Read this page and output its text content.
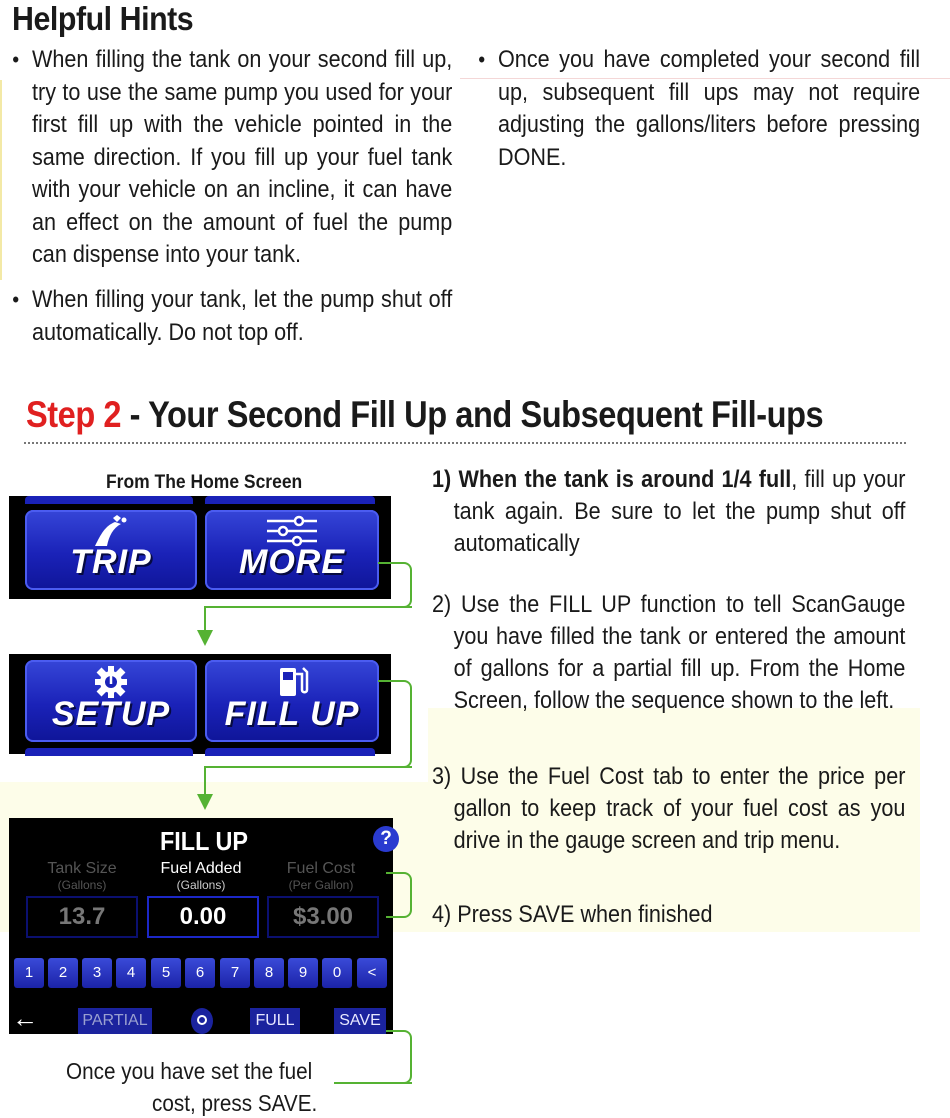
Helpful Hints
• When filling the tank on your second fill up, try to use the same pump you used for your first fill up with the vehicle pointed in the same direction. If you fill up your fuel tank with your vehicle on an incline, it can have an effect on the amount of fuel the pump can dispense into your tank.
• When filling your tank, let the pump shut off automatically. Do not top off.
• Once you have completed your second fill up, subsequent fill ups may not require adjusting the gallons/liters before pressing DONE.
Step 2 - Your Second Fill Up and Subsequent Fill-ups
From The Home Screen
TRIP	MORE
SETUP	FILL UP
FILL UP	?
Tank Size
(Gallons)
Fuel Added
(Gallons)
Fuel Cost
(Per Gallon)
13.7	0.00	$3.00
1	2	3	4	5	6	7	8	9	0	<
←	PARTIAL	FULL	SAVE
Once you have set the fuel
cost, press SAVE.
1) When the tank is around 1/4 full, fill up your tank again. Be sure to let the pump shut off automatically
2) Use the FILL UP function to tell ScanGauge you have filled the tank or entered the amount of gallons for a partial fill up. From the Home Screen, follow the sequence shown to the left.
3) Use the Fuel Cost tab to enter the price per gallon to keep track of your fuel cost as you drive in the gauge screen and trip menu.
4) Press SAVE when finished
